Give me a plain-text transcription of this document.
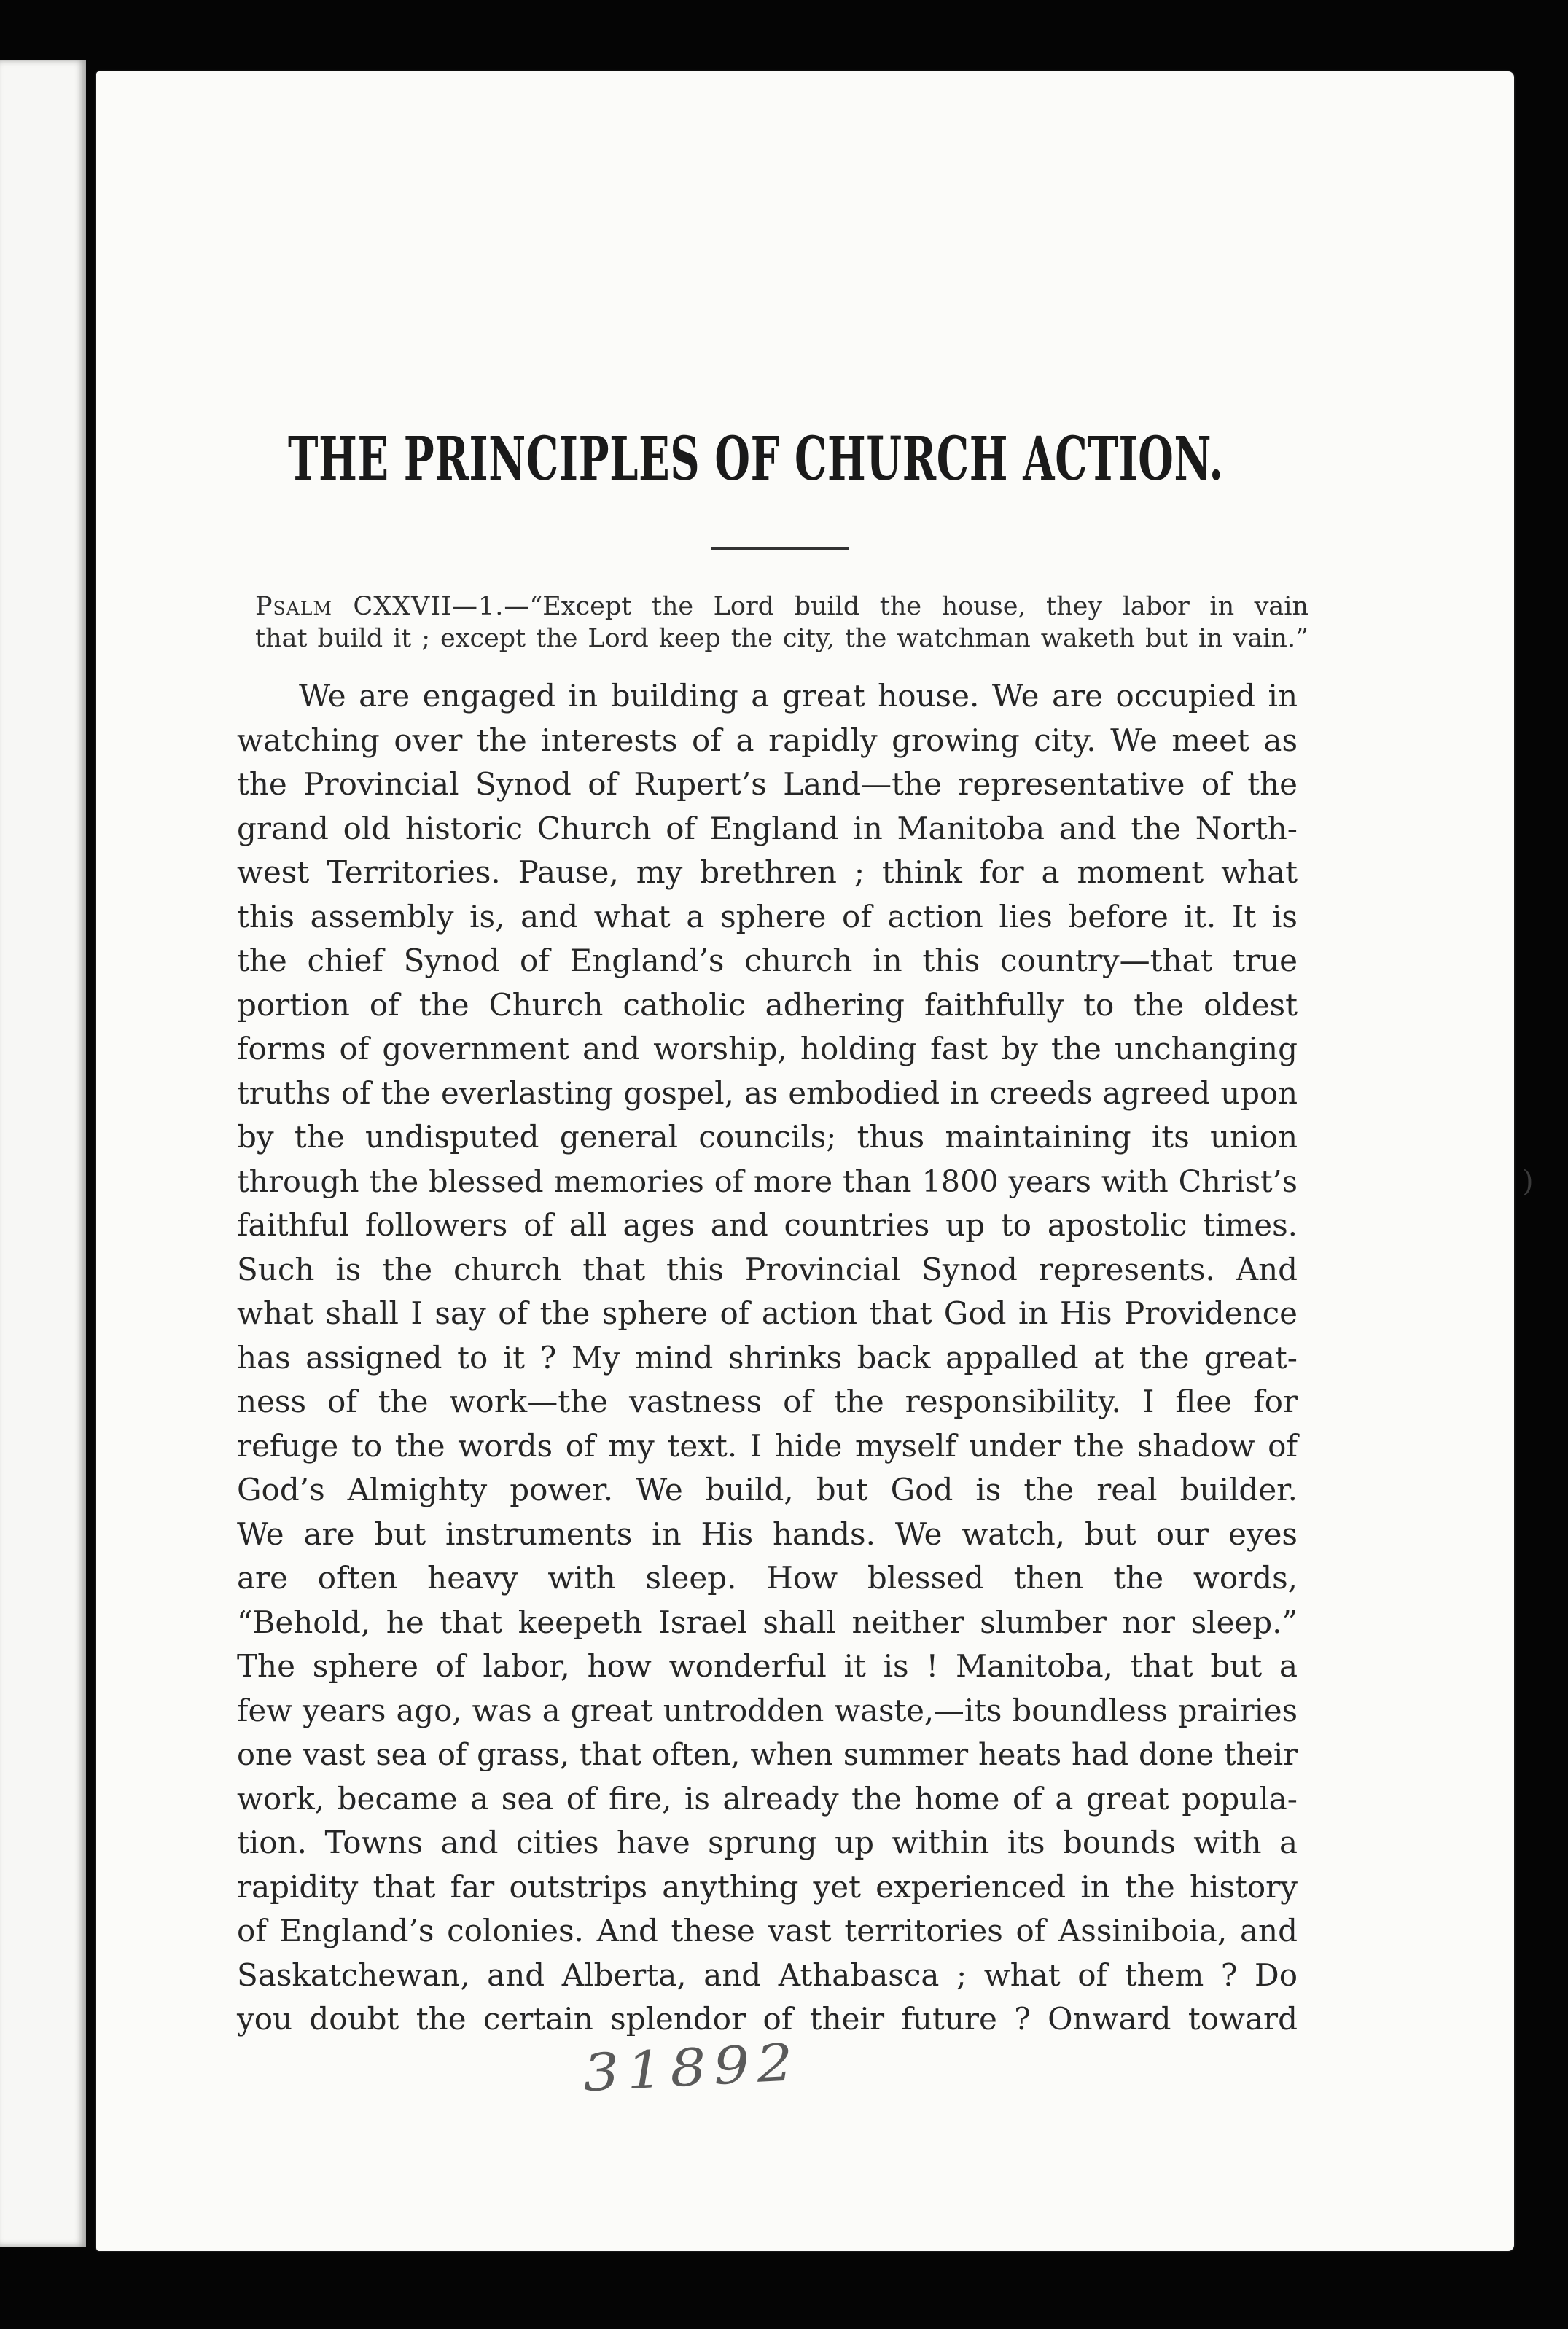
THE PRINCIPLES OF CHURCH ACTION.
Psalm CXXVII—1.—“Except the Lord build the house, they labor in vain
that build it ; except the Lord keep the city, the watchman waketh but in vain.”
We are engaged in building a great house. We are occupied in
watching over the interests of a rapidly growing city. We meet as
the Provincial Synod of Rupert’s Land—the representative of the
grand old historic Church of England in Manitoba and the North-
west Territories. Pause, my brethren ; think for a moment what
this assembly is, and what a sphere of action lies before it. It is
the chief Synod of England’s church in this country—that true
portion of the Church catholic adhering faithfully to the oldest
forms of government and worship, holding fast by the unchanging
truths of the everlasting gospel, as embodied in creeds agreed upon
by the undisputed general councils; thus maintaining its union
through the blessed memories of more than 1800 years with Christ’s
faithful followers of all ages and countries up to apostolic times.
Such is the church that this Provincial Synod represents. And
what shall I say of the sphere of action that God in His Providence
has assigned to it ? My mind shrinks back appalled at the great-
ness of the work—the vastness of the responsibility. I flee for
refuge to the words of my text. I hide myself under the shadow of
God’s Almighty power. We build, but God is the real builder.
We are but instruments in His hands. We watch, but our eyes
are often heavy with sleep. How blessed then the words,
“Behold, he that keepeth Israel shall neither slumber nor sleep.”
The sphere of labor, how wonderful it is ! Manitoba, that but a
few years ago, was a great untrodden waste,—its boundless prairies
one vast sea of grass, that often, when summer heats had done their
work, became a sea of fire, is already the home of a great popula-
tion. Towns and cities have sprung up within its bounds with a
rapidity that far outstrips anything yet experienced in the history
of England’s colonies. And these vast territories of Assiniboia, and
Saskatchewan, and Alberta, and Athabasca ; what of them ? Do
you doubt the certain splendor of their future ? Onward toward
31892
)
